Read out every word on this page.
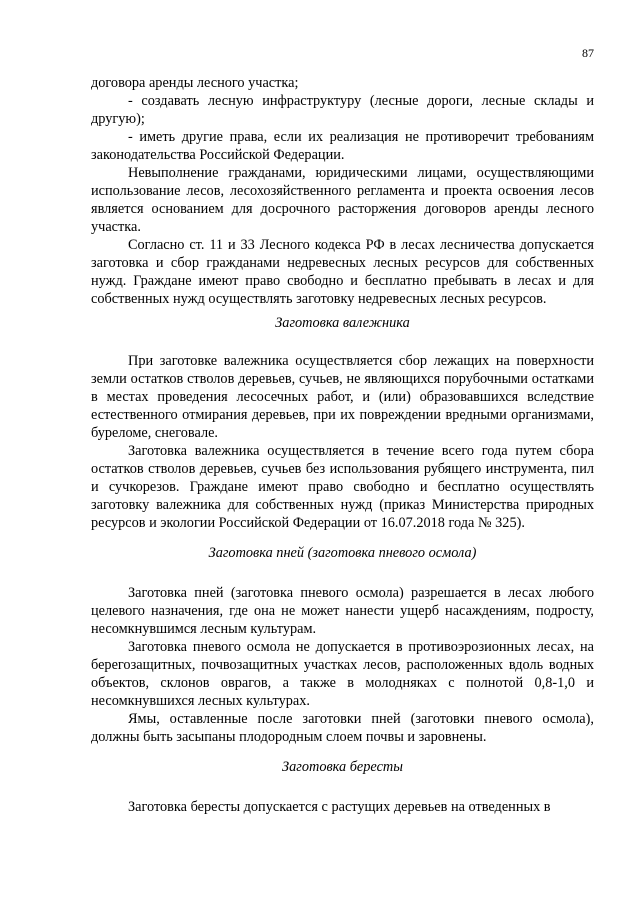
87

договора аренды лесного участка;

- создавать лесную инфраструктуру (лесные дороги, лесные склады и другую);

- иметь другие права, если их реализация не противоречит требованиям законодательства Российской Федерации.

Невыполнение гражданами, юридическими лицами, осуществляющими использование лесов, лесохозяйственного регламента и проекта освоения лесов является основанием для досрочного расторжения договоров аренды лесного участка.

Согласно ст. 11 и 33 Лесного кодекса РФ в лесах лесничества допускается заготовка и сбор гражданами недревесных лесных ресурсов для собственных нужд. Граждане имеют право свободно и бесплатно пребывать в лесах и для собственных нужд осуществлять заготовку недревесных лесных ресурсов.

Заготовка валежника

При заготовке валежника осуществляется сбор лежащих на поверхности земли остатков стволов деревьев, сучьев, не являющихся порубочными остатками в местах проведения лесосечных работ, и (или) образовавшихся вследствие естественного отмирания деревьев, при их повреждении вредными организмами, буреломе, снеговале.

Заготовка валежника осуществляется в течение всего года путем сбора остатков стволов деревьев, сучьев без использования рубящего инструмента, пил и сучкорезов. Граждане имеют право свободно и бесплатно осуществлять заготовку валежника для собственных нужд (приказ Министерства природных ресурсов и экологии Российской Федерации от 16.07.2018 года № 325).

Заготовка пней (заготовка пневого осмола)

Заготовка пней (заготовка пневого осмола) разрешается в лесах любого целевого назначения, где она не может нанести ущерб насаждениям, подросту, несомкнувшимся лесным культурам.

Заготовка пневого осмола не допускается в противоэрозионных лесах, на берегозащитных, почвозащитных участках лесов, расположенных вдоль водных объектов, склонов оврагов, а также в молодняках с полнотой 0,8-1,0 и несомкнувшихся лесных культурах.

Ямы, оставленные после заготовки пней (заготовки пневого осмола), должны быть засыпаны плодородным слоем почвы и заровнены.

Заготовка бересты

Заготовка бересты допускается с растущих деревьев на отведенных в
